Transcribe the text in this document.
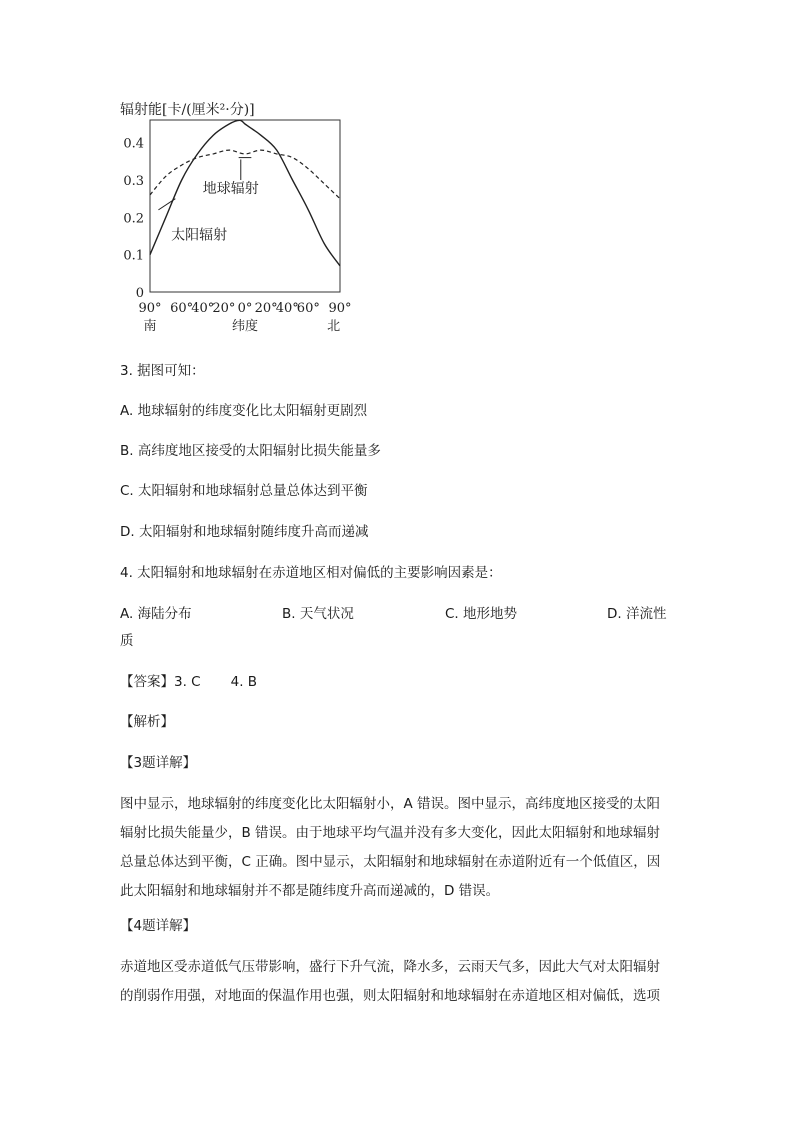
辐射能[卡/(厘米²·分)]
地球辐射
太阳辐射
0
0.1
0.2
0.3
0.4
90° 60°
40°
20° 0° 20°
40°
60° 90°
南	北
纬度
3. 据图可知：
A. 地球辐射的纬度变化比太阳辐射更剧烈
B. 高纬度地区接受的太阳辐射比损失能量多
C. 太阳辐射和地球辐射总量总体达到平衡
D. 太阳辐射和地球辐射随纬度升高而递减
4. 太阳辐射和地球辐射在赤道地区相对偏低的主要影响因素是：
A. 海陆分布	B. 天气状况	C. 地形地势	D. 洋流性
质
【答案】3. C       4. B
【解析】
【3题详解】
图中显示，地球辐射的纬度变化比太阳辐射小，A 错误。图中显示，高纬度地区接受的太阳
辐射比损失能量少，B 错误。由于地球平均气温并没有多大变化，因此太阳辐射和地球辐射
总量总体达到平衡，C 正确。图中显示，太阳辐射和地球辐射在赤道附近有一个低值区，因
此太阳辐射和地球辐射并不都是随纬度升高而递减的，D 错误。
【4题详解】
赤道地区受赤道低气压带影响，盛行下升气流，降水多，云雨天气多，因此大气对太阳辐射
的削弱作用强，对地面的保温作用也强，则太阳辐射和地球辐射在赤道地区相对偏低，选项
